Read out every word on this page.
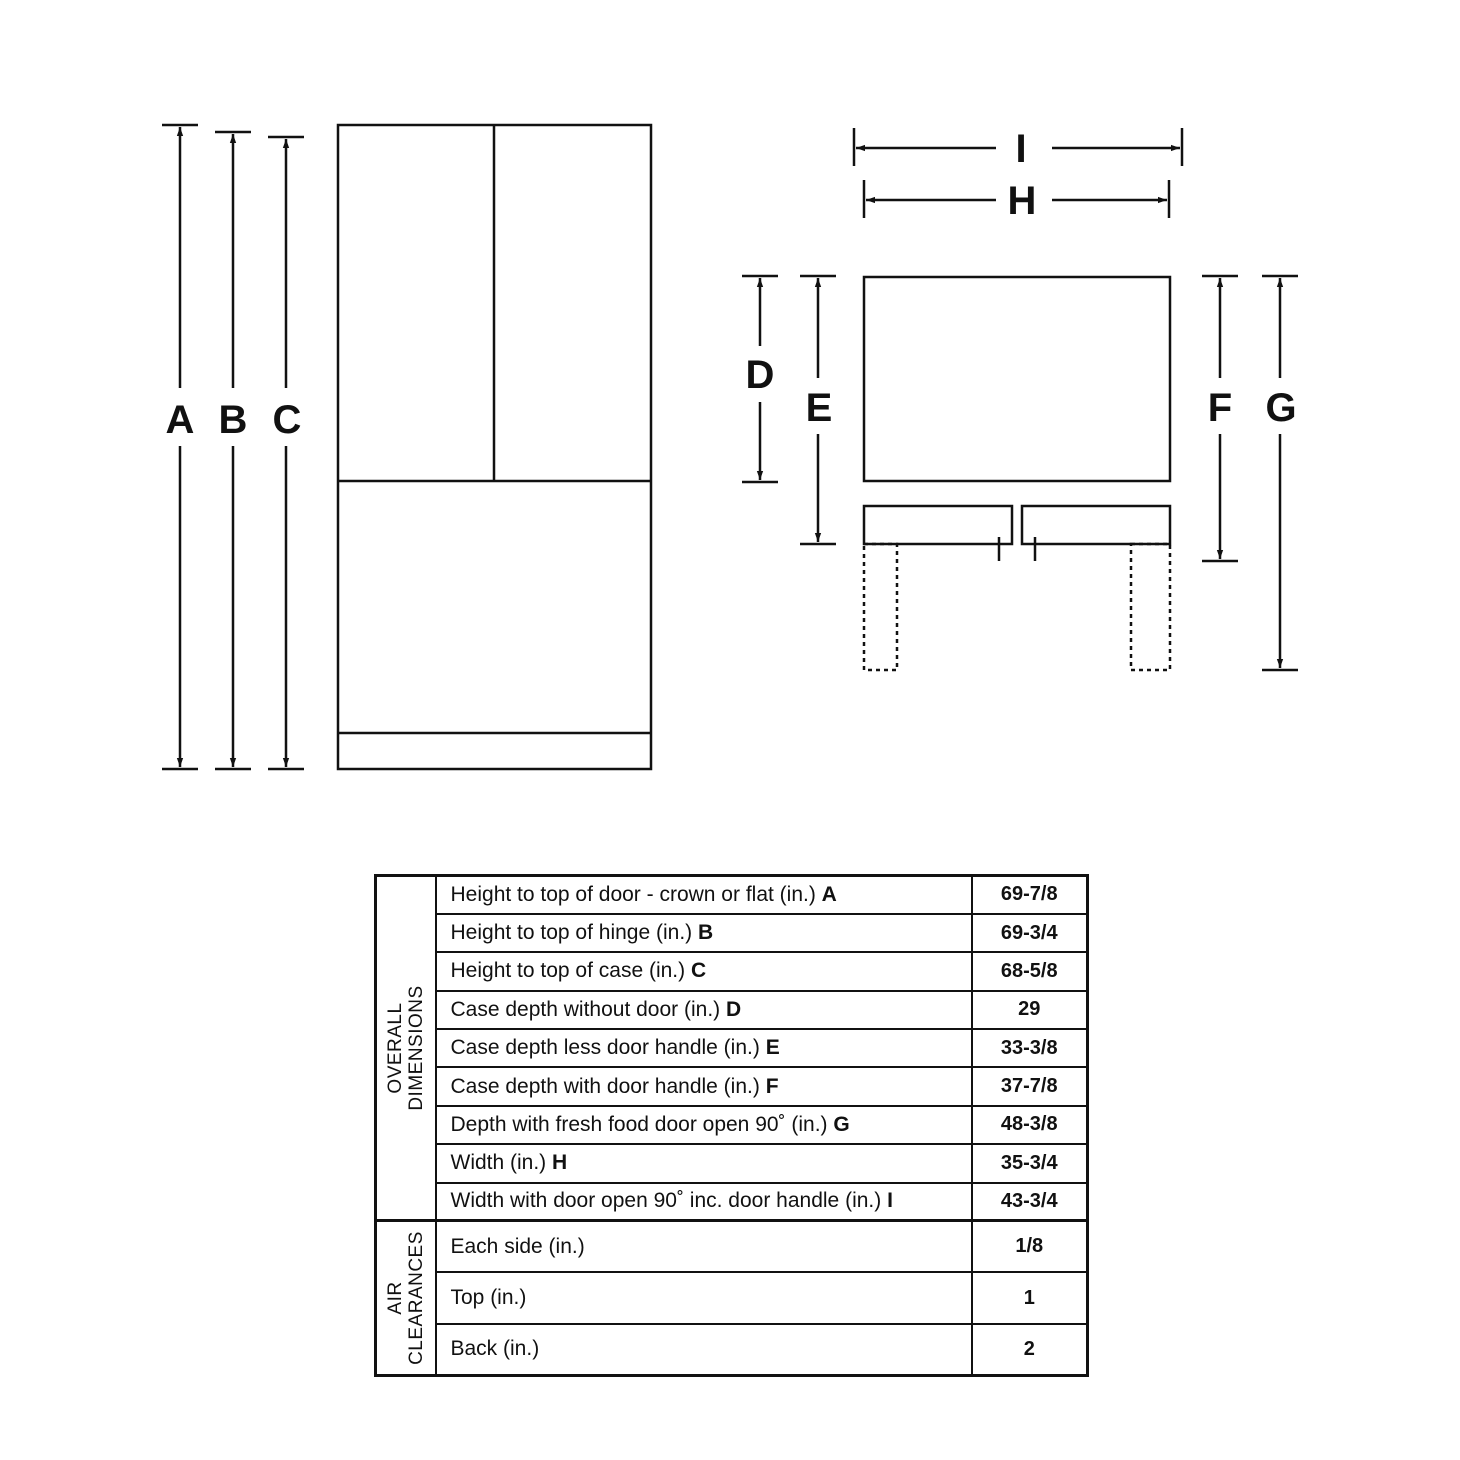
A B C
I
H
D
E	F G
OVERALL DIMENSIONS	Height to top of door - crown or flat (in.) A	69-7/8
	Height to top of hinge (in.) B	69-3/4
	Height to top of case (in.) C	68-5/8
	Case depth without door (in.) D	29
	Case depth less door handle (in.) E	33-3/8
	Case depth with door handle (in.) F	37-7/8
	Depth with fresh food door open 90˚ (in.) G	48-3/8
	Width (in.) H	35-3/4
	Width with door open 90˚ inc. door handle (in.) I	43-3/4

AIR CLEARANCES	Each side (in.)	1/8
	Top (in.)	1
	Back (in.)	2
